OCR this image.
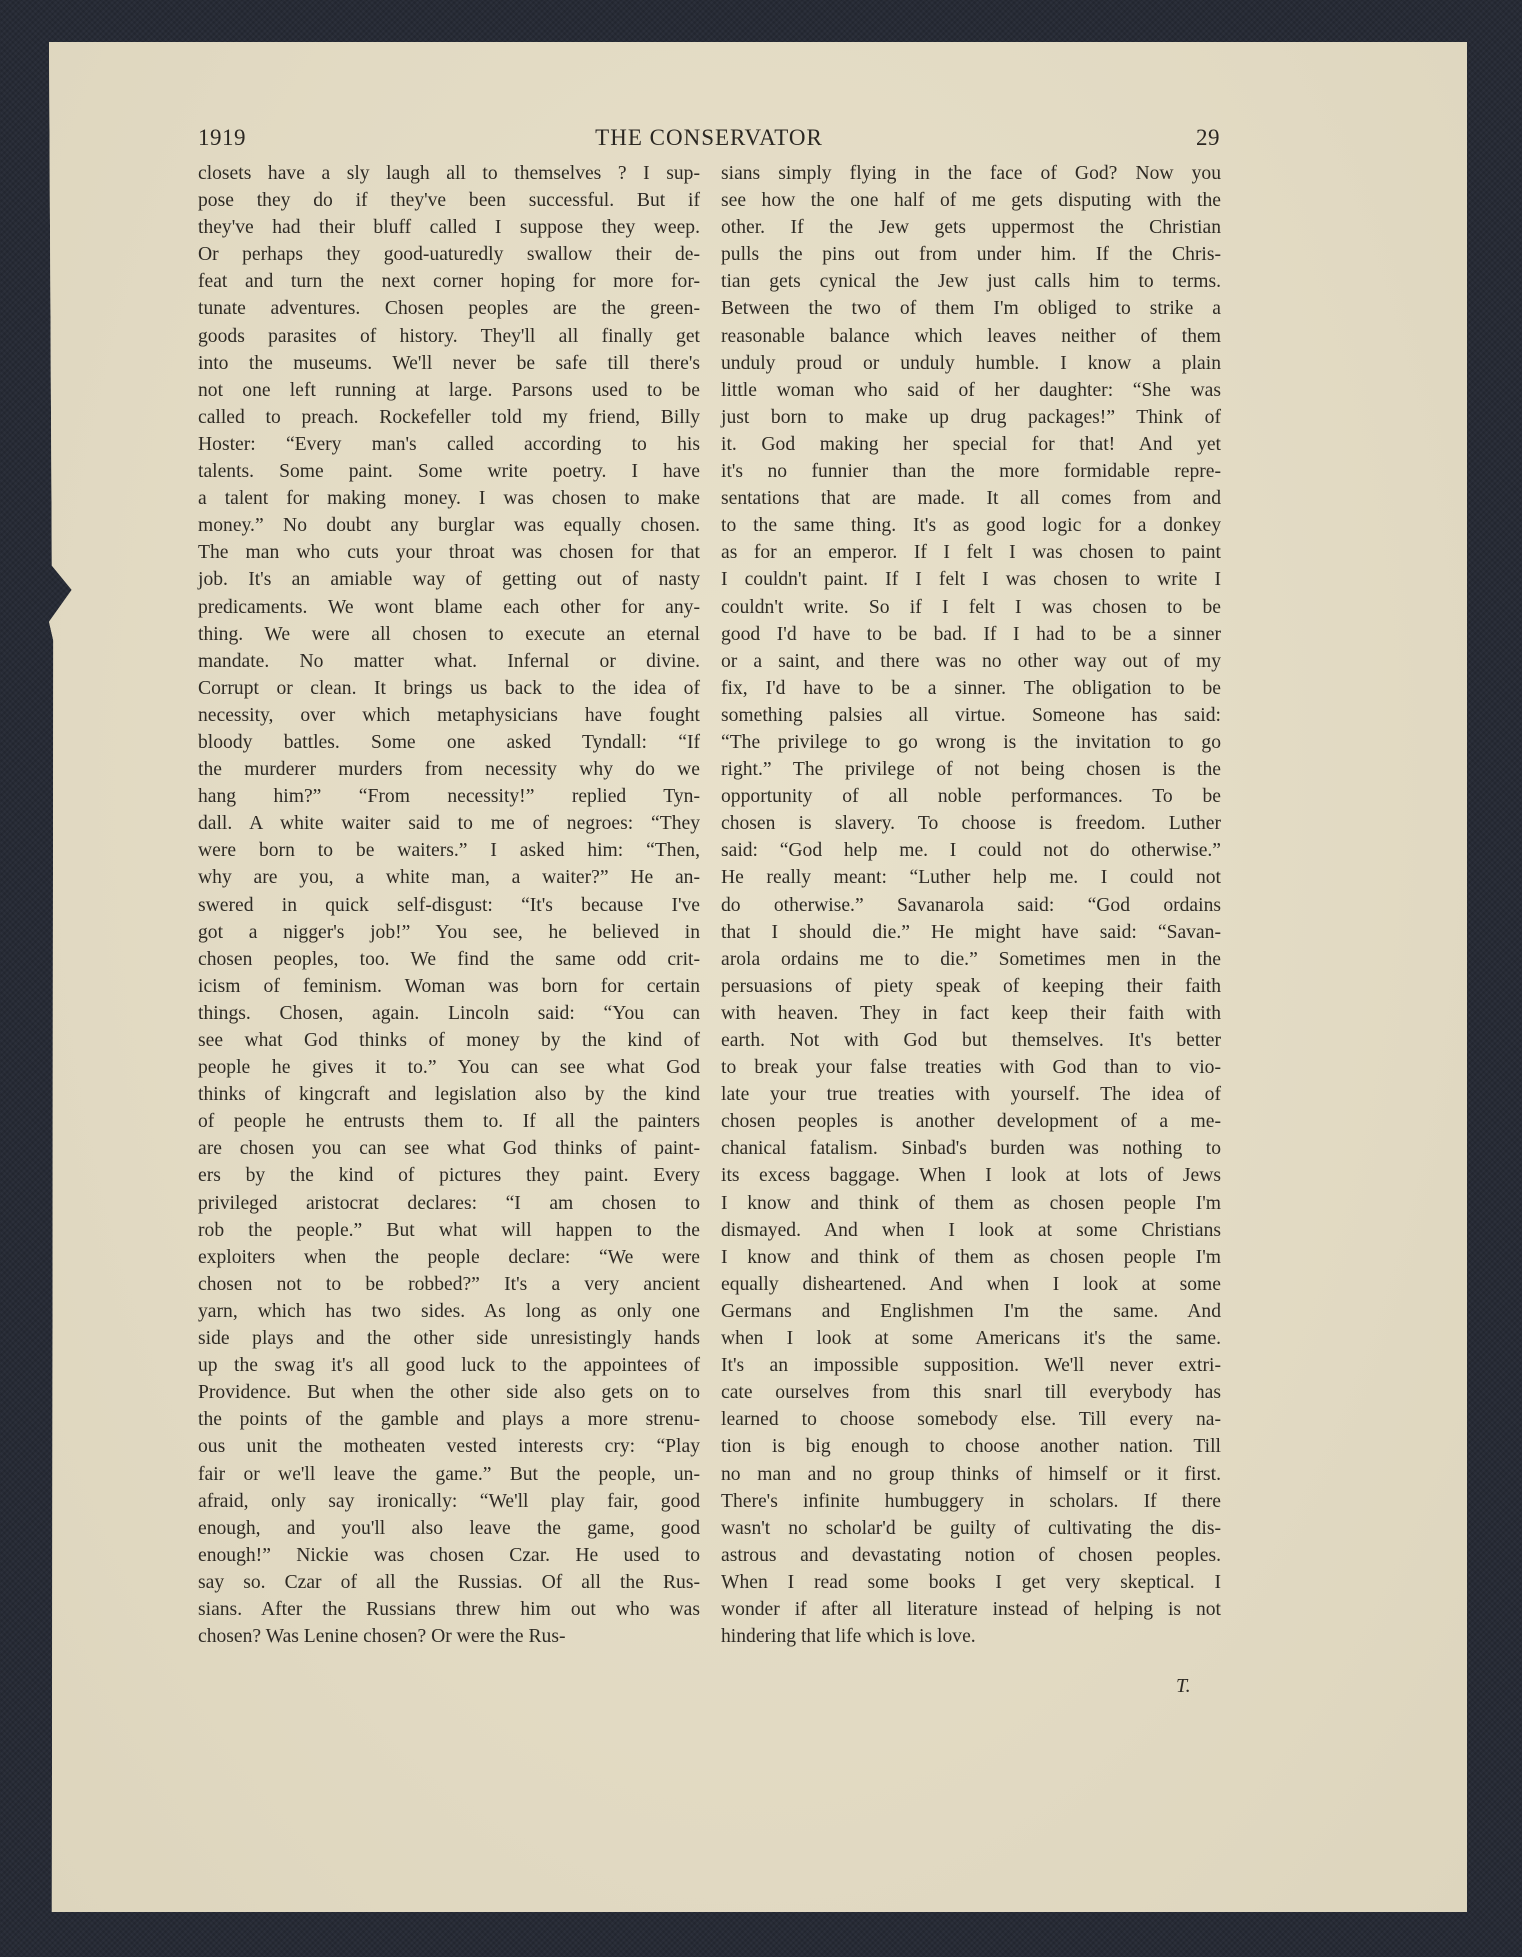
1919	THE CONSERVATOR	29
closets have a sly laugh all to themselves ? I sup-
pose they do if they've been successful. But if
they've had their bluff called I suppose they weep.
Or perhaps they good-uaturedly swallow their de-
feat and turn the next corner hoping for more for-
tunate adventures. Chosen peoples are the green-
goods parasites of history. They'll all finally get
into the museums. We'll never be safe till there's
not one left running at large. Parsons used to be
called to preach. Rockefeller told my friend, Billy
Hoster: “Every man's called according to his
talents. Some paint. Some write poetry. I have
a talent for making money. I was chosen to make
money.” No doubt any burglar was equally chosen.
The man who cuts your throat was chosen for that
job. It's an amiable way of getting out of nasty
predicaments. We wont blame each other for any-
thing. We were all chosen to execute an eternal
mandate. No matter what. Infernal or divine.
Corrupt or clean. It brings us back to the idea of
necessity, over which metaphysicians have fought
bloody battles. Some one asked Tyndall: “If
the murderer murders from necessity why do we
hang him?” “From necessity!” replied Tyn-
dall. A white waiter said to me of negroes: “They
were born to be waiters.” I asked him: “Then,
why are you, a white man, a waiter?” He an-
swered in quick self-disgust: “It's because I've
got a nigger's job!” You see, he believed in
chosen peoples, too. We find the same odd crit-
icism of feminism. Woman was born for certain
things. Chosen, again. Lincoln said: “You can
see what God thinks of money by the kind of
people he gives it to.” You can see what God
thinks of kingcraft and legislation also by the kind
of people he entrusts them to. If all the painters
are chosen you can see what God thinks of paint-
ers by the kind of pictures they paint. Every
privileged aristocrat declares: “I am chosen to
rob the people.” But what will happen to the
exploiters when the people declare: “We were
chosen not to be robbed?” It's a very ancient
yarn, which has two sides. As long as only one
side plays and the other side unresistingly hands
up the swag it's all good luck to the appointees of
Providence. But when the other side also gets on to
the points of the gamble and plays a more strenu-
ous unit the motheaten vested interests cry: “Play
fair or we'll leave the game.” But the people, un-
afraid, only say ironically: “We'll play fair, good
enough, and you'll also leave the game, good
enough!” Nickie was chosen Czar. He used to
say so. Czar of all the Russias. Of all the Rus-
sians. After the Russians threw him out who was
chosen? Was Lenine chosen? Or were the Rus-
sians simply flying in the face of God? Now you
see how the one half of me gets disputing with the
other. If the Jew gets uppermost the Christian
pulls the pins out from under him. If the Chris-
tian gets cynical the Jew just calls him to terms.
Between the two of them I'm obliged to strike a
reasonable balance which leaves neither of them
unduly proud or unduly humble. I know a plain
little woman who said of her daughter: “She was
just born to make up drug packages!” Think of
it. God making her special for that! And yet
it's no funnier than the more formidable repre-
sentations that are made. It all comes from and
to the same thing. It's as good logic for a donkey
as for an emperor. If I felt I was chosen to paint
I couldn't paint. If I felt I was chosen to write I
couldn't write. So if I felt I was chosen to be
good I'd have to be bad. If I had to be a sinner
or a saint, and there was no other way out of my
fix, I'd have to be a sinner. The obligation to be
something palsies all virtue. Someone has said:
“The privilege to go wrong is the invitation to go
right.” The privilege of not being chosen is the
opportunity of all noble performances. To be
chosen is slavery. To choose is freedom. Luther
said: “God help me. I could not do otherwise.”
He really meant: “Luther help me. I could not
do otherwise.” Savanarola said: “God ordains
that I should die.” He might have said: “Savan-
arola ordains me to die.” Sometimes men in the
persuasions of piety speak of keeping their faith
with heaven. They in fact keep their faith with
earth. Not with God but themselves. It's better
to break your false treaties with God than to vio-
late your true treaties with yourself. The idea of
chosen peoples is another development of a me-
chanical fatalism. Sinbad's burden was nothing to
its excess baggage. When I look at lots of Jews
I know and think of them as chosen people I'm
dismayed. And when I look at some Christians
I know and think of them as chosen people I'm
equally disheartened. And when I look at some
Germans and Englishmen I'm the same. And
when I look at some Americans it's the same.
It's an impossible supposition. We'll never extri-
cate ourselves from this snarl till everybody has
learned to choose somebody else. Till every na-
tion is big enough to choose another nation. Till
no man and no group thinks of himself or it first.
There's infinite humbuggery in scholars. If there
wasn't no scholar'd be guilty of cultivating the dis-
astrous and devastating notion of chosen peoples.
When I read some books I get very skeptical. I
wonder if after all literature instead of helping is not
hindering that life which is love.
T.
